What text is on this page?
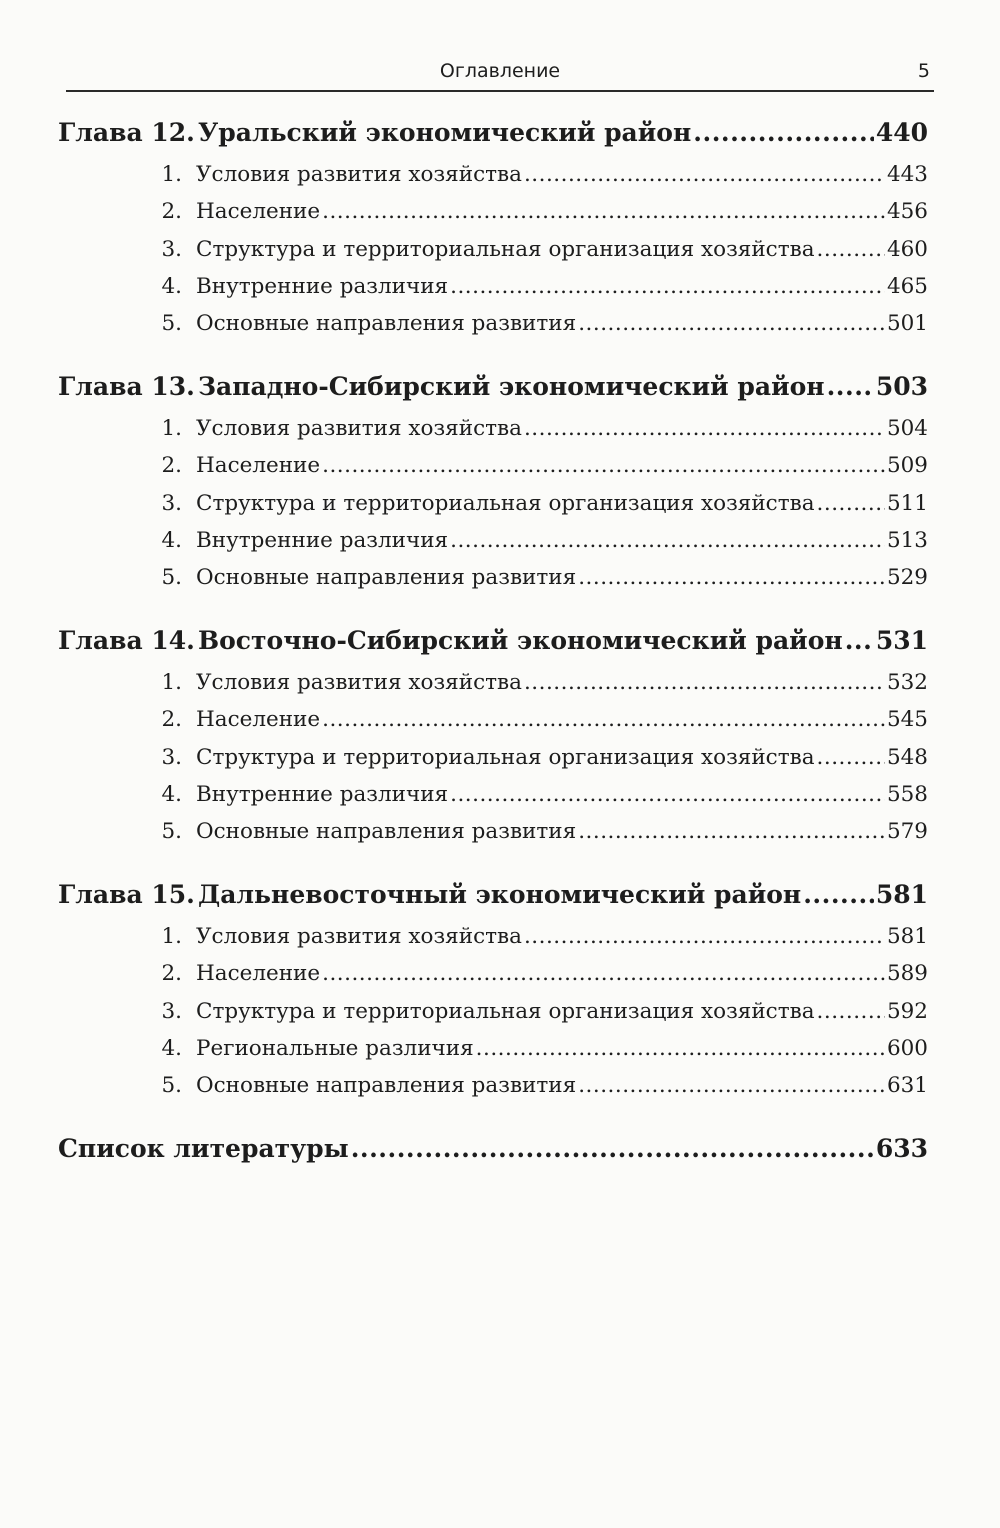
Оглавление	5
Глава 12. Уральский экономический район .....	440
1. Условия развития хозяйства .....	443
2. Население .....	456
3. Структура и территориальная организация хозяйства .....	460
4. Внутренние различия .....	465
5. Основные направления развития .....	501
Глава 13. Западно-Сибирский экономический район ..... 503
1. Условия развития хозяйства .....	504
2. Население .....	509
3. Структура и территориальная организация хозяйства .....	511
4. Внутренние различия .....	513
5. Основные направления развития .....	529
Глава 14. Восточно-Сибирский экономический район ..... 531
1. Условия развития хозяйства .....	532
2. Население .....	545
3. Структура и территориальная организация хозяйства .....	548
4. Внутренние различия .....	558
5. Основные направления развития .....	579
Глава 15. Дальневосточный экономический район .....	581
1. Условия развития хозяйства .....	581
2. Население .....	589
3. Структура и территориальная организация хозяйства .....	592
4. Региональные различия .....	600
5. Основные направления развития .....	631
Список литературы .....	633
